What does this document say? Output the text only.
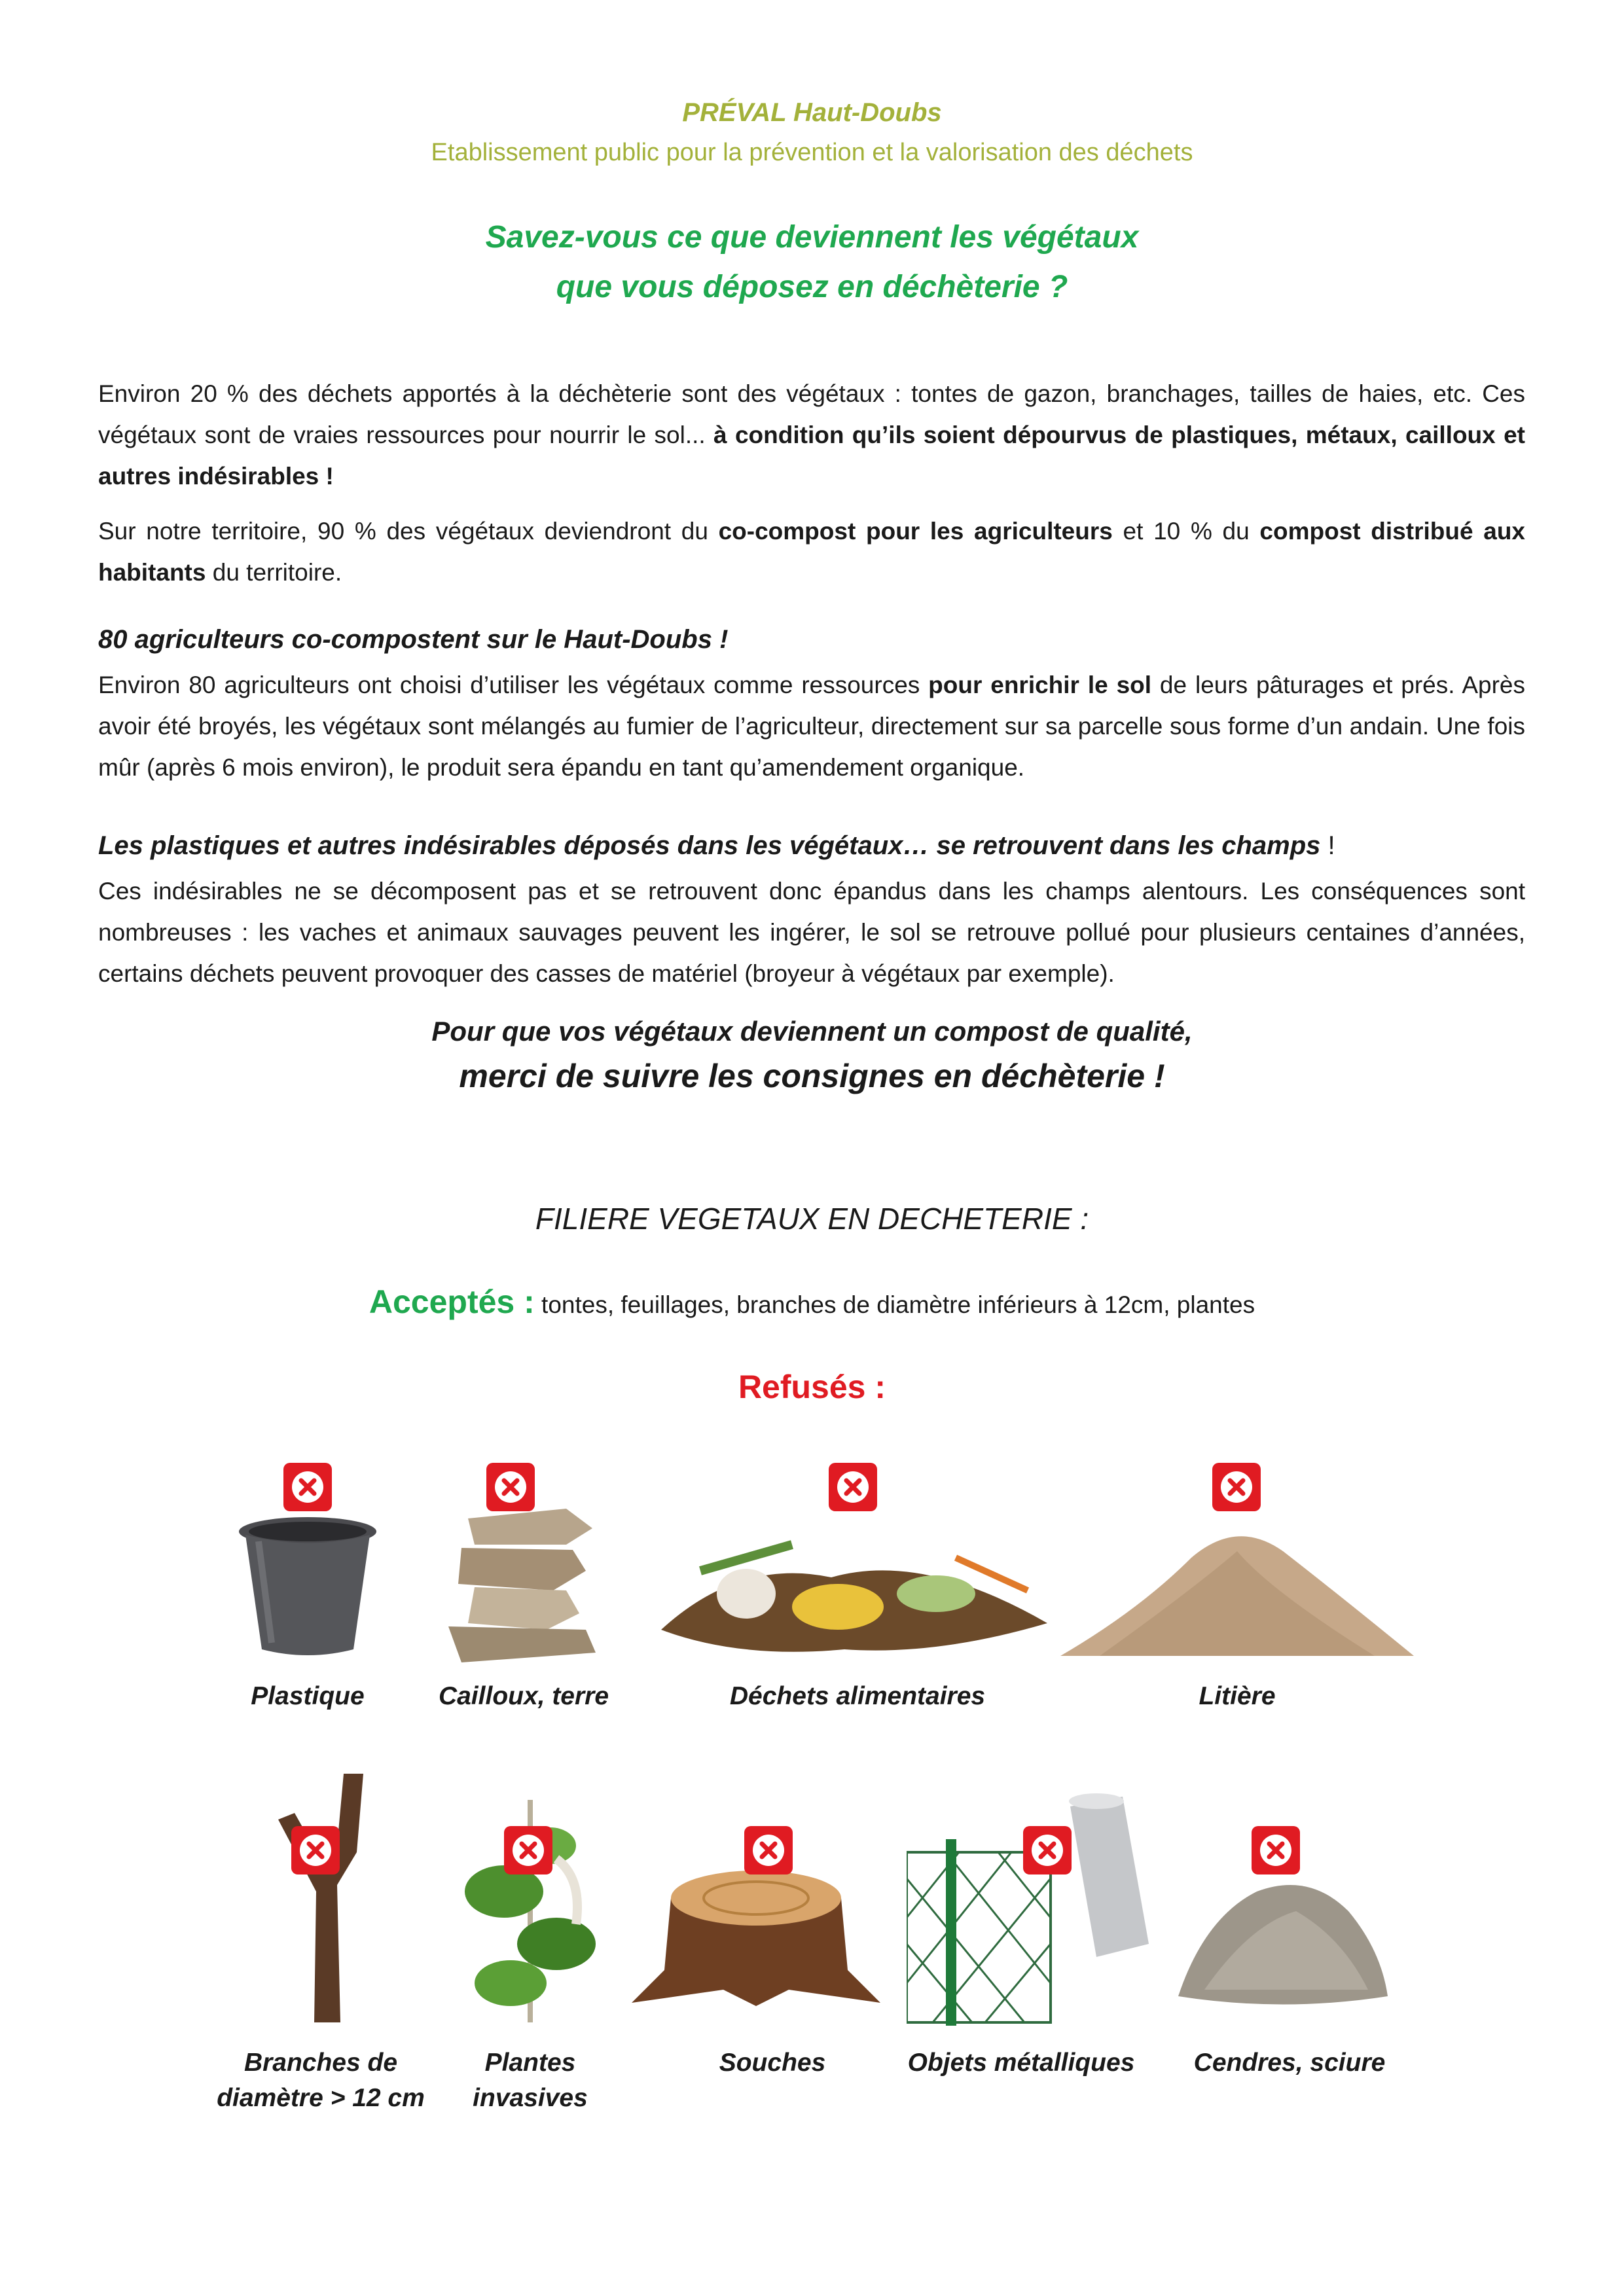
PRÉVAL Haut-Doubs
Etablissement public pour la prévention et la valorisation des déchets
Savez-vous ce que deviennent les végétaux
que vous déposez en déchèterie ?
Environ 20 % des déchets apportés à la déchèterie sont des végétaux : tontes de gazon, branchages, tailles de haies, etc. Ces végétaux sont de vraies ressources pour nourrir le sol... à condition qu’ils soient dépourvus de plastiques, métaux, cailloux et autres indésirables !
Sur notre territoire, 90 % des végétaux deviendront du co-compost pour les agriculteurs et 10 % du compost distribué aux habitants du territoire.
80 agriculteurs co-compostent sur le Haut-Doubs !
Environ 80 agriculteurs ont choisi d’utiliser les végétaux comme ressources pour enrichir le sol de leurs pâturages et prés. Après avoir été broyés, les végétaux sont mélangés au fumier de l’agriculteur, directement sur sa parcelle sous forme d’un andain. Une fois mûr (après 6 mois environ), le produit sera épandu en tant qu’amendement organique.
Les plastiques et autres indésirables déposés dans les végétaux… se retrouvent dans les champs !
Ces indésirables ne se décomposent pas et se retrouvent donc épandus dans les champs alentours. Les conséquences sont nombreuses : les vaches et animaux sauvages peuvent les ingérer, le sol se retrouve pollué pour plusieurs centaines d’années, certains déchets peuvent provoquer des casses de matériel (broyeur à végétaux par exemple).
Pour que vos végétaux deviennent un compost de qualité,
merci de suivre les consignes en déchèterie !
FILIERE VEGETAUX EN DECHETERIE :
Acceptés : tontes, feuillages, branches de diamètre inférieurs à 12cm, plantes
Refusés :
Plastique	Cailloux, terre	Déchets alimentaires	Litière
Branches de
diamètre > 12 cm
Plantes
invasives
Souches	Objets métalliques	Cendres, sciure
